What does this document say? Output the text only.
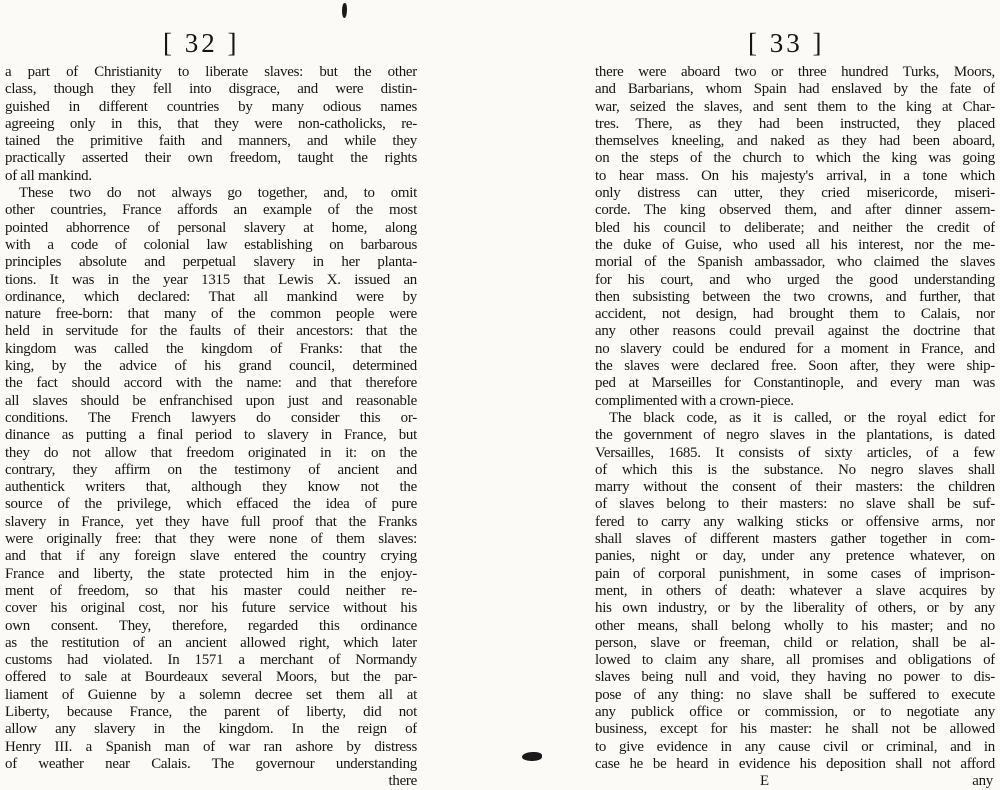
[ 32 ]
a part of Christianity to liberate slaves: but the other
class, though they fell into disgrace, and were distin-
guished in different countries by many odious names
agreeing only in this, that they were non-catholicks, re-
tained the primitive faith and manners, and while they
practically asserted their own freedom, taught the rights
of all mankind.
These two do not always go together, and, to omit
other countries, France affords an example of the most
pointed abhorrence of personal slavery at home, along
with a code of colonial law establishing on barbarous
principles absolute and perpetual slavery in her planta-
tions. It was in the year 1315 that Lewis X. issued an
ordinance, which declared: That all mankind were by
nature free-born: that many of the common people were
held in servitude for the faults of their ancestors: that the
kingdom was called the kingdom of Franks: that the
king, by the advice of his grand council, determined
the fact should accord with the name: and that therefore
all slaves should be enfranchised upon just and reasonable
conditions. The French lawyers do consider this or-
dinance as putting a final period to slavery in France, but
they do not allow that freedom originated in it: on the
contrary, they affirm on the testimony of ancient and
authentick writers that, although they know not the
source of the privilege, which effaced the idea of pure
slavery in France, yet they have full proof that the Franks
were originally free: that they were none of them slaves:
and that if any foreign slave entered the country crying
France and liberty, the state protected him in the enjoy-
ment of freedom, so that his master could neither re-
cover his original cost, nor his future service without his
own consent. They, therefore, regarded this ordinance
as the restitution of an ancient allowed right, which later
customs had violated. In 1571 a merchant of Normandy
offered to sale at Bourdeaux several Moors, but the par-
liament of Guienne by a solemn decree set them all at
Liberty, because France, the parent of liberty, did not
allow any slavery in the kingdom. In the reign of
Henry III. a Spanish man of war ran ashore by distress
of weather near Calais. The governour understanding
there
[ 33 ]
there were aboard two or three hundred Turks, Moors,
and Barbarians, whom Spain had enslaved by the fate of
war, seized the slaves, and sent them to the king at Char-
tres. There, as they had been instructed, they placed
themselves kneeling, and naked as they had been aboard,
on the steps of the church to which the king was going
to hear mass. On his majesty's arrival, in a tone which
only distress can utter, they cried misericorde, miseri-
corde. The king observed them, and after dinner assem-
bled his council to deliberate; and neither the credit of
the duke of Guise, who used all his interest, nor the me-
morial of the Spanish ambassador, who claimed the slaves
for his court, and who urged the good understanding
then subsisting between the two crowns, and further, that
accident, not design, had brought them to Calais, nor
any other reasons could prevail against the doctrine that
no slavery could be endured for a moment in France, and
the slaves were declared free. Soon after, they were ship-
ped at Marseilles for Constantinople, and every man was
complimented with a crown-piece.
The black code, as it is called, or the royal edict for
the government of negro slaves in the plantations, is dated
Versailles, 1685. It consists of sixty articles, of a few
of which this is the substance. No negro slaves shall
marry without the consent of their masters: the children
of slaves belong to their masters: no slave shall be suf-
fered to carry any walking sticks or offensive arms, nor
shall slaves of different masters gather together in com-
panies, night or day, under any pretence whatever, on
pain of corporal punishment, in some cases of imprison-
ment, in others of death: whatever a slave acquires by
his own industry, or by the liberality of others, or by any
other means, shall belong wholly to his master; and no
person, slave or freeman, child or relation, shall be al-
lowed to claim any share, all promises and obligations of
slaves being null and void, they having no power to dis-
pose of any thing: no slave shall be suffered to execute
any publick office or commission, or to negotiate any
business, except for his master: he shall not be allowed
to give evidence in any cause civil or criminal, and in
case he be heard in evidence his deposition shall not afford
E	any
